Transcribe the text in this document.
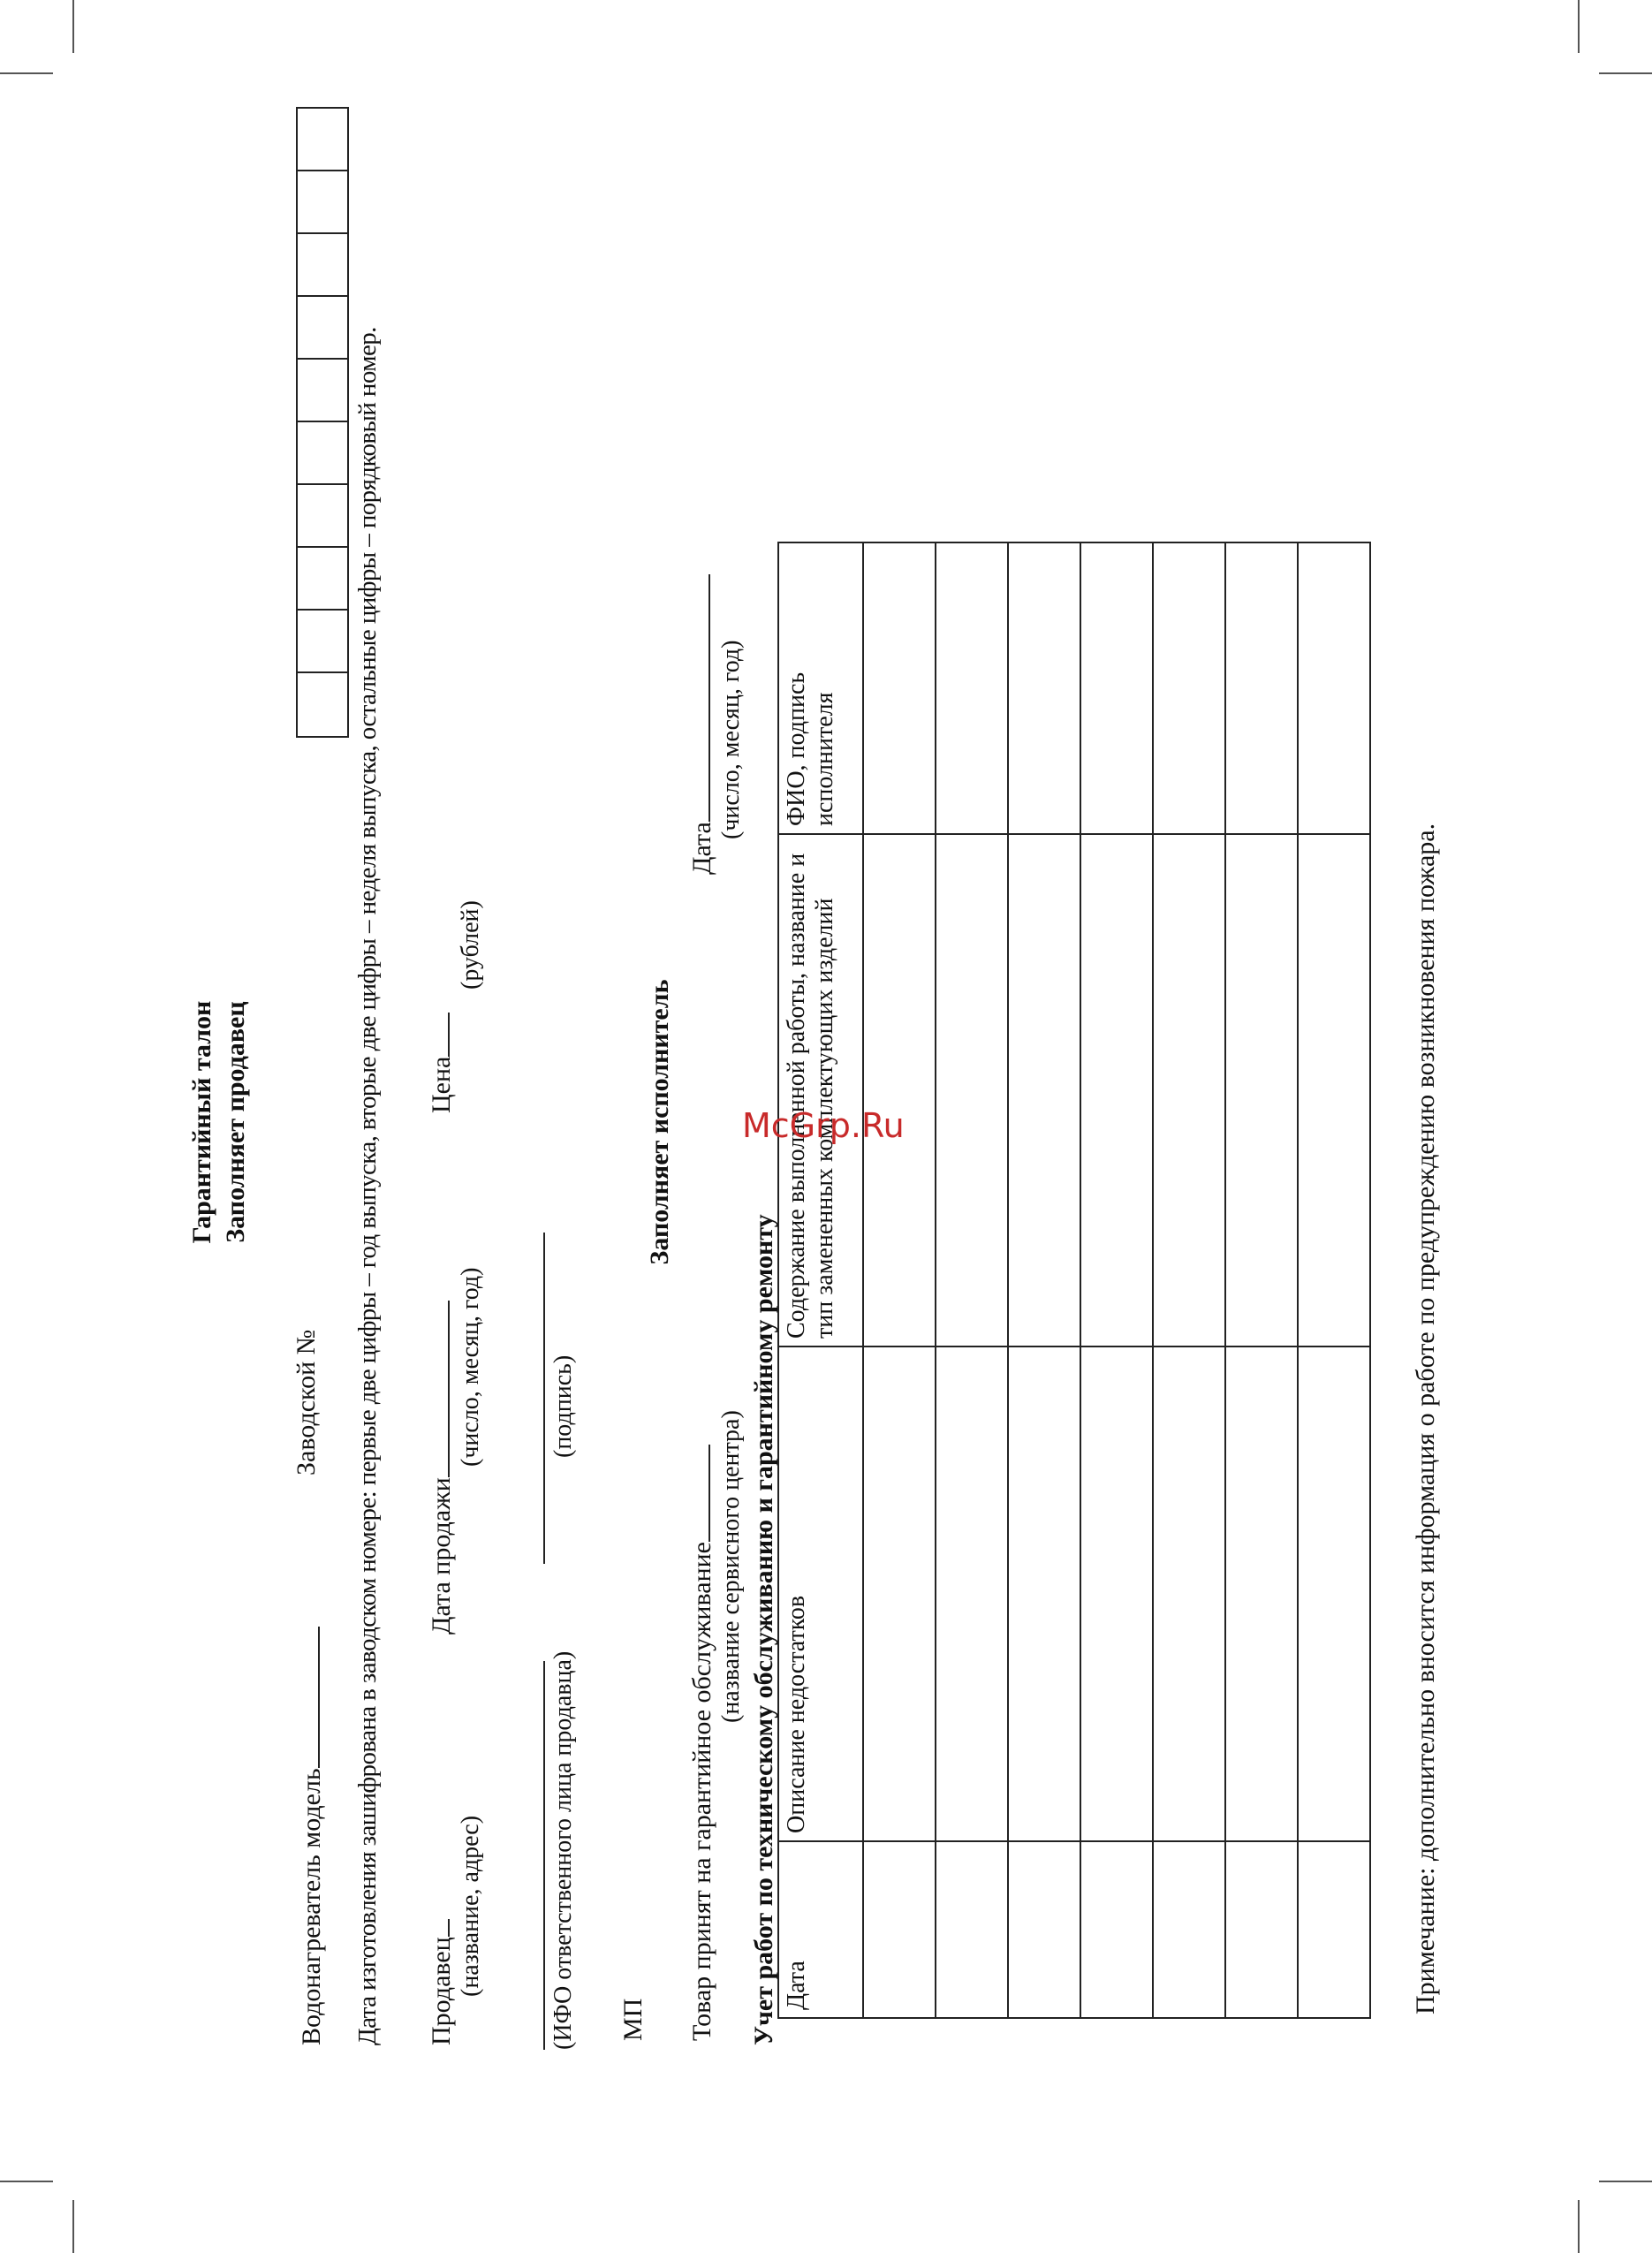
Гарантийный талон Заполняет продавец
Водонагреватель модель
Заводской № Дата изготовления зашифрована в заводском номере: первые две цифры – год выпуска, вторые две цифры – неделя выпуска, остальные цифры – порядковый номер. Продавец (название, адрес)
Дата продажи
(число, месяц, год)
Цена
(рублей)
(ИФО ответственного лица продавца)
(подпись)
МП
Заполняет исполнитель
Товар принят на гарантийное обслуживание (название сервисного центра)
Дата
(число, месяц, год)
Учет работ по техническому обслуживанию и гарантийному ремонту Дата	Описание недостатков	Содержание выполненной работы, название и тип замененных комплектующих изделий	ФИО, подпись исполнителя

Примечание: дополнительно вносится информация о работе по предупреждению возникновения пожара.
McGrp.Ru
